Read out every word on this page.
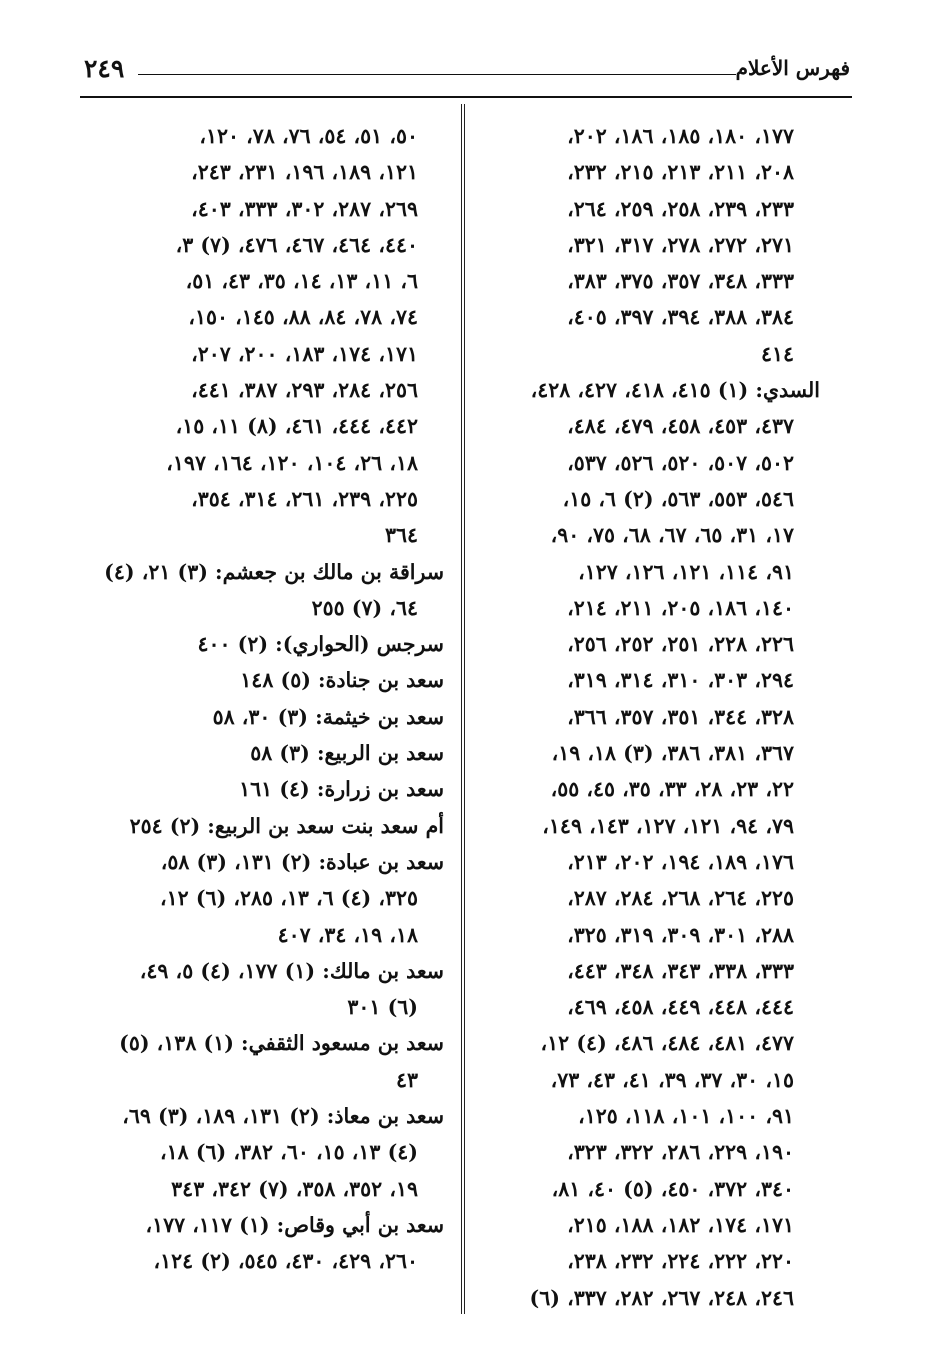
٢٤٩	فهرس الأعلام
١٧٧، ١٨٠، ١٨٥، ١٨٦، ٢٠٢،
٢٠٨، ٢١١، ٢١٣، ٢١٥، ٢٣٢،
٢٣٣، ٢٣٩، ٢٥٨، ٢٥٩، ٢٦٤،
٢٧١، ٢٧٢، ٢٧٨، ٣١٧، ٣٢١،
٣٣٣، ٣٤٨، ٣٥٧، ٣٧٥، ٣٨٣،
٣٨٤، ٣٨٨، ٣٩٤، ٣٩٧، ٤٠٥،
٤١٤
السدي: (١) ٤١٥، ٤١٨، ٤٢٧، ٤٢٨،
٤٣٧، ٤٥٣، ٤٥٨، ٤٧٩، ٤٨٤،
٥٠٢، ٥٠٧، ٥٢٠، ٥٢٦، ٥٣٧،
٥٤٦، ٥٥٣، ٥٦٣، (٢) ٦، ١٥،
١٧، ٣١، ٦٥، ٦٧، ٦٨، ٧٥، ٩٠،
٩١، ١١٤، ١٢١، ١٢٦، ١٢٧،
١٤٠، ١٨٦، ٢٠٥، ٢١١، ٢١٤،
٢٢٦، ٢٢٨، ٢٥١، ٢٥٢، ٢٥٦،
٢٩٤، ٣٠٣، ٣١٠، ٣١٤، ٣١٩،
٣٢٨، ٣٤٤، ٣٥١، ٣٥٧، ٣٦٦،
٣٦٧، ٣٨١، ٣٨٦، (٣) ١٨، ١٩،
٢٢، ٢٣، ٢٨، ٣٣، ٣٥، ٤٥، ٥٥،
٧٩، ٩٤، ١٢١، ١٢٧، ١٤٣، ١٤٩،
١٧٦، ١٨٩، ١٩٤، ٢٠٢، ٢١٣،
٢٢٥، ٢٦٤، ٢٦٨، ٢٨٤، ٢٨٧،
٢٨٨، ٣٠١، ٣٠٩، ٣١٩، ٣٢٥،
٣٣٣، ٣٣٨، ٣٤٣، ٣٤٨، ٤٤٣،
٤٤٤، ٤٤٨، ٤٤٩، ٤٥٨، ٤٦٩،
٤٧٧، ٤٨١، ٤٨٤، ٤٨٦، (٤) ١٢،
١٥، ٣٠، ٣٧، ٣٩، ٤١، ٤٣، ٧٣،
٩١، ١٠٠، ١٠١، ١١٨، ١٢٥،
١٩٠، ٢٢٩، ٢٨٦، ٣٢٢، ٣٢٣،
٣٤٠، ٣٧٢، ٤٥٠، (٥) ٤٠، ٨١،
١٧١، ١٧٤، ١٨٢، ١٨٨، ٢١٥،
٢٢٠، ٢٢٢، ٢٢٤، ٢٣٢، ٢٣٨،
٢٤٦، ٢٤٨، ٢٦٧، ٢٨٢، ٣٣٧، (٦)
٥٠، ٥١، ٥٤، ٧٦، ٧٨، ١٢٠،
١٢١، ١٨٩، ١٩٦، ٢٣١، ٢٤٣،
٢٦٩، ٢٨٧، ٣٠٢، ٣٣٣، ٤٠٣،
٤٤٠، ٤٦٤، ٤٦٧، ٤٧٦، (٧) ٣،
٦، ١١، ١٣، ١٤، ٣٥، ٤٣، ٥١،
٧٤، ٧٨، ٨٤، ٨٨، ١٤٥، ١٥٠،
١٧١، ١٧٤، ١٨٣، ٢٠٠، ٢٠٧،
٢٥٦، ٢٨٤، ٢٩٣، ٣٨٧، ٤٤١،
٤٤٢، ٤٤٤، ٤٦١، (٨) ١١، ١٥،
١٨، ٢٦، ١٠٤، ١٢٠، ١٦٤، ١٩٧،
٢٢٥، ٢٣٩، ٢٦١، ٣١٤، ٣٥٤،
٣٦٤
سراقة بن مالك بن جعشم: (٣) ٢١، (٤)
٦٤، (٧) ٢٥٥
سرجس (الحواري): (٢) ٤٠٠
سعد بن جنادة: (٥) ١٤٨
سعد بن خيثمة: (٣) ٣٠، ٥٨
سعد بن الربيع: (٣) ٥٨
سعد بن زرارة: (٤) ١٦١
أم سعد بنت سعد بن الربيع: (٢) ٢٥٤
سعد بن عبادة: (٢) ١٣١، (٣) ٥٨،
٣٢٥، (٤) ٦، ١٣، ٢٨٥، (٦) ١٢،
١٨، ١٩، ٣٤، ٤٠٧
سعد بن مالك: (١) ١٧٧، (٤) ٥، ٤٩،
(٦) ٣٠١
سعد بن مسعود الثقفي: (١) ١٣٨، (٥)
٤٣
سعد بن معاذ: (٢) ١٣١، ١٨٩، (٣) ٦٩،
(٤) ١٣، ١٥، ٦٠، ٣٨٢، (٦) ١٨،
١٩، ٣٥٢، ٣٥٨، (٧) ٣٤٢، ٣٤٣
سعد بن أبي وقاص: (١) ١١٧، ١٧٧،
٢٦٠، ٤٢٩، ٤٣٠، ٥٤٥، (٢) ١٢٤،
